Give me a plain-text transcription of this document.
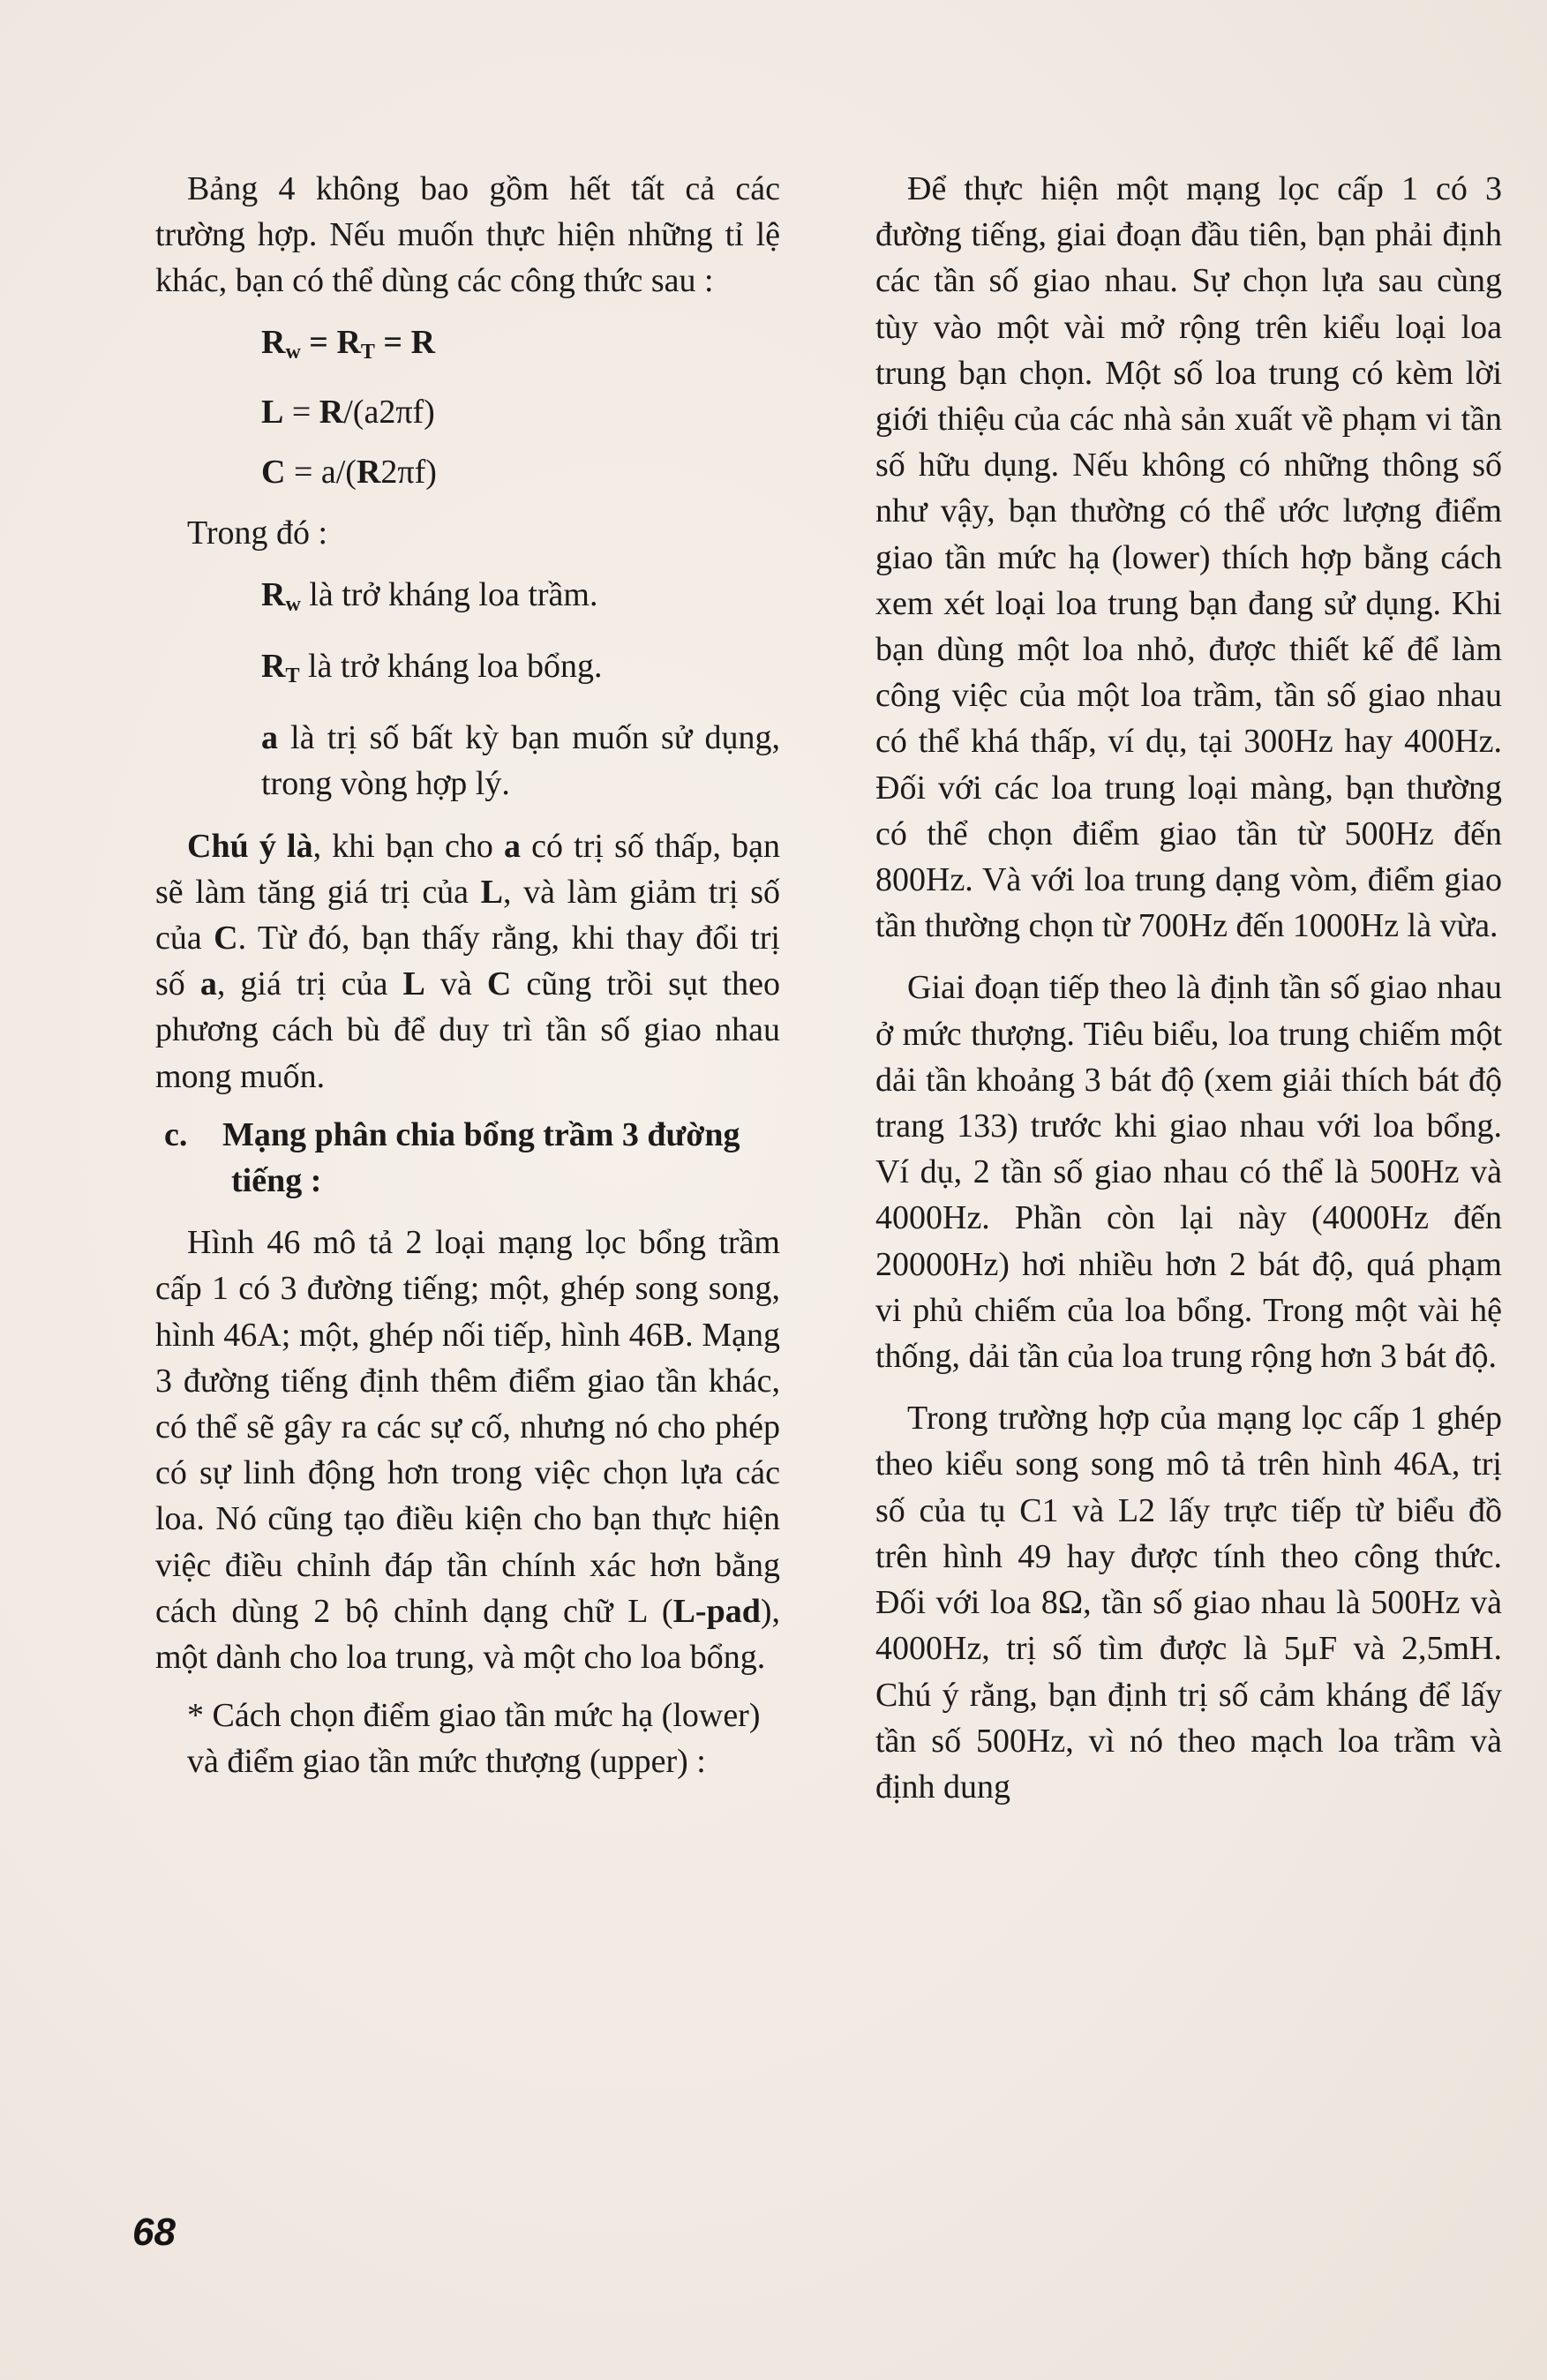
Bảng 4 không bao gồm hết tất cả các trường hợp. Nếu muốn thực hiện những tỉ lệ khác, bạn có thể dùng các công thức sau :

$R_w = R_T = R$
L = R/(a2πf)
C = a/(R2πf)

Trong đó :

$R_w$ là trở kháng loa trầm.

$R_T$ là trở kháng loa bổng.

a là trị số bất kỳ bạn muốn sử dụng, trong vòng hợp lý.

Chú ý là, khi bạn cho a có trị số thấp, bạn sẽ làm tăng giá trị của L, và làm giảm trị số của C. Từ đó, bạn thấy rằng, khi thay đổi trị số a, giá trị của L và C cũng trồi sụt theo phương cách bù để duy trì tần số giao nhau mong muốn.

c. Mạng phân chia bổng trầm 3 đường tiếng :

Hình 46 mô tả 2 loại mạng lọc bổng trầm cấp 1 có 3 đường tiếng; một, ghép song song, hình 46A; một, ghép nối tiếp, hình 46B. Mạng 3 đường tiếng định thêm điểm giao tần khác, có thể sẽ gây ra các sự cố, nhưng nó cho phép có sự linh động hơn trong việc chọn lựa các loa. Nó cũng tạo điều kiện cho bạn thực hiện việc điều chỉnh đáp tần chính xác hơn bằng cách dùng 2 bộ chỉnh dạng chữ L (L-pad), một dành cho loa trung, và một cho loa bổng.

* Cách chọn điểm giao tần mức hạ (lower) và điểm giao tần mức thượng (upper) :

Để thực hiện một mạng lọc cấp 1 có 3 đường tiếng, giai đoạn đầu tiên, bạn phải định các tần số giao nhau. Sự chọn lựa sau cùng tùy vào một vài mở rộng trên kiểu loại loa trung bạn chọn. Một số loa trung có kèm lời giới thiệu của các nhà sản xuất về phạm vi tần số hữu dụng. Nếu không có những thông số như vậy, bạn thường có thể ước lượng điểm giao tần mức hạ (lower) thích hợp bằng cách xem xét loại loa trung bạn đang sử dụng. Khi bạn dùng một loa nhỏ, được thiết kế để làm công việc của một loa trầm, tần số giao nhau có thể khá thấp, ví dụ, tại 300Hz hay 400Hz. Đối với các loa trung loại màng, bạn thường có thể chọn điểm giao tần từ 500Hz đến 800Hz. Và với loa trung dạng vòm, điểm giao tần thường chọn từ 700Hz đến 1000Hz là vừa.

Giai đoạn tiếp theo là định tần số giao nhau ở mức thượng. Tiêu biểu, loa trung chiếm một dải tần khoảng 3 bát độ (xem giải thích bát độ trang 133) trước khi giao nhau với loa bổng. Ví dụ, 2 tần số giao nhau có thể là 500Hz và 4000Hz. Phần còn lại này (4000Hz đến 20000Hz) hơi nhiều hơn 2 bát độ, quá phạm vi phủ chiếm của loa bổng. Trong một vài hệ thống, dải tần của loa trung rộng hơn 3 bát độ.

Trong trường hợp của mạng lọc cấp 1 ghép theo kiểu song song mô tả trên hình 46A, trị số của tụ C1 và L2 lấy trực tiếp từ biểu đồ trên hình 49 hay được tính theo công thức. Đối với loa 8Ω, tần số giao nhau là 500Hz và 4000Hz, trị số tìm được là 5μF và 2,5mH. Chú ý rằng, bạn định trị số cảm kháng để lấy tần số 500Hz, vì nó theo mạch loa trầm và định dung

68
